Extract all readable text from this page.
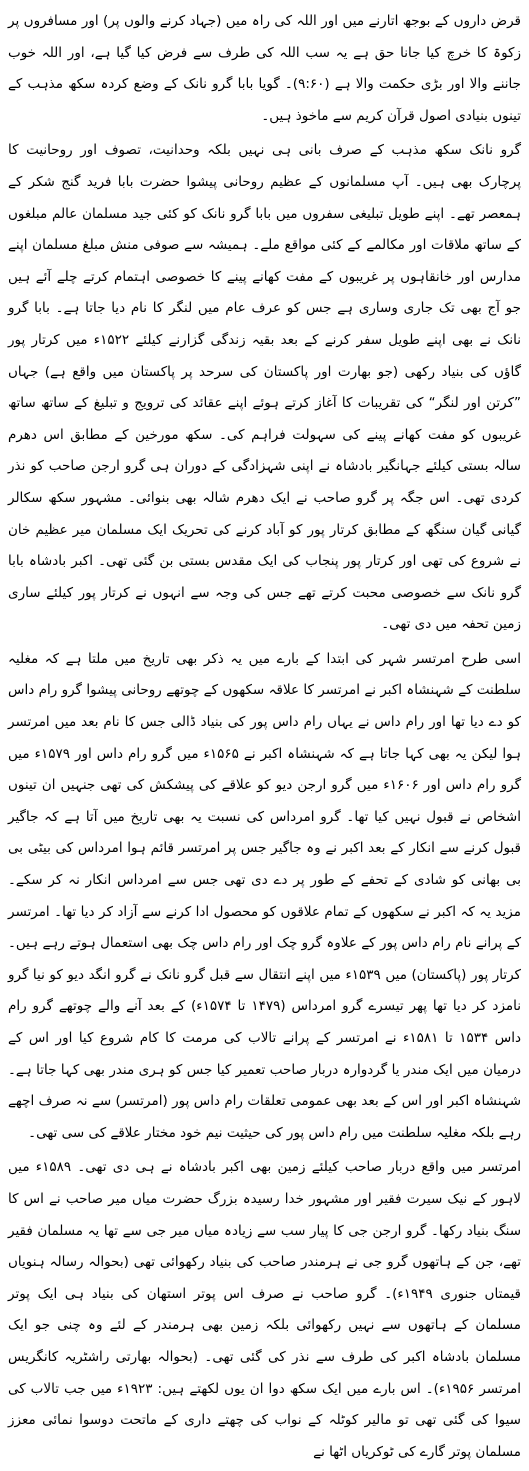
قرض داروں کے بوجھ اتارنے میں اور اللہ کی راہ میں (جہاد کرنے والوں پر) اور مسافروں پر زکوۃ کا خرچ کیا جانا حق ہے یہ سب اللہ کی طرف سے فرض کیا گیا ہے، اور اللہ خوب جاننے والا اور بڑی حکمت والا ہے (۹:۶۰)۔ گویا بابا گرو نانک کے وضع کردہ سکھ مذہب کے تینوں بنیادی اصول قرآن کریم سے ماخوذ ہیں۔

گرو نانک سکھ مذہب کے صرف بانی ہی نہیں بلکہ وحدانیت، تصوف اور روحانیت کا پرچارک بھی ہیں۔ آپ مسلمانوں کے عظیم روحانی پیشوا حضرت بابا فرید گنج شکر کے ہمعصر تھے۔ اپنے طویل تبلیغی سفروں میں بابا گرو نانک کو کئی جید مسلمان عالم مبلغوں کے ساتھ ملاقات اور مکالمے کے کئی مواقع ملے۔ ہمیشہ سے صوفی منش مبلغ مسلمان اپنے مدارس اور خانقاہوں پر غریبوں کے مفت کھانے پینے کا خصوصی اہتمام کرتے چلے آئے ہیں جو آج بھی تک جاری وساری ہے جس کو عرف عام میں لنگر کا نام دیا جاتا ہے۔ بابا گرو نانک نے بھی اپنے طویل سفر کرنے کے بعد بقیہ زندگی گزارنے کیلئے ۱۵۲۲ء میں کرتار پور گاؤں کی بنیاد رکھی (جو بھارت اور پاکستان کی سرحد پر پاکستان میں واقع ہے) جہاں ”کرتن اور لنگر“ کی تقریبات کا آغاز کرتے ہوئے اپنے عقائد کی ترویج و تبلیغ کے ساتھ ساتھ غریبوں کو مفت کھانے پینے کی سہولت فراہم کی۔ سکھ مورخین کے مطابق اس دھرم سالہ بستی کیلئے جہانگیر بادشاہ نے اپنی شہزادگی کے دوران ہی گرو ارجن صاحب کو نذر کردی تھی۔ اس جگہ پر گرو صاحب نے ایک دھرم شالہ بھی بنوائی۔ مشہور سکھ سکالر گیانی گیان سنگھ کے مطابق کرتار پور کو آباد کرنے کی تحریک ایک مسلمان میر عظیم خان نے شروع کی تھی اور کرتار پور پنجاب کی ایک مقدس بستی بن گئی تھی۔ اکبر بادشاہ بابا گرو نانک سے خصوصی محبت کرتے تھے جس کی وجہ سے انہوں نے کرتار پور کیلئے ساری زمین تحفہ میں دی تھی۔

اسی طرح امرتسر شہر کی ابتدا کے بارے میں یہ ذکر بھی تاریخ میں ملتا ہے کہ مغلیہ سلطنت کے شہنشاہ اکبر نے امرتسر کا علاقہ سکھوں کے چوتھے روحانی پیشوا گرو رام داس کو دے دیا تھا اور رام داس نے یہاں رام داس پور کی بنیاد ڈالی جس کا نام بعد میں امرتسر ہوا لیکن یہ بھی کہا جاتا ہے کہ شہنشاہ اکبر نے ۱۵۶۵ء میں گرو رام داس اور ۱۵۷۹ء میں گرو رام داس اور ۱۶۰۶ء میں گرو ارجن دیو کو علاقے کی پیشکش کی تھی جنہیں ان تینوں اشخاص نے قبول نہیں کیا تھا۔ گرو امرداس کی نسبت یہ بھی تاریخ میں آتا ہے کہ جاگیر قبول کرنے سے انکار کے بعد اکبر نے وہ جاگیر جس پر امرتسر قائم ہوا امرداس کی بیٹی بی بی بھانی کو شادی کے تحفے کے طور پر دے دی تھی جس سے امرداس انکار نہ کر سکے۔ مزید یہ کہ اکبر نے سکھوں کے تمام علاقوں کو محصول ادا کرنے سے آزاد کر دیا تھا۔ امرتسر کے پرانے نام رام داس پور کے علاوہ گرو چک اور رام داس چک بھی استعمال ہوتے رہے ہیں۔ کرتار پور (پاکستان) میں ۱۵۳۹ء میں اپنے انتقال سے قبل گرو نانک نے گرو انگد دیو کو نیا گرو نامزد کر دیا تھا پھر تیسرے گرو امرداس (۱۴۷۹ تا ۱۵۷۴ء) کے بعد آنے والے چوتھے گرو رام داس ۱۵۳۴ تا ۱۵۸۱ء نے امرتسر کے پرانے تالاب کی مرمت کا کام شروع کیا اور اس کے درمیان میں ایک مندر یا گردوارہ دربار صاحب تعمیر کیا جس کو ہری مندر بھی کہا جاتا ہے۔ شہنشاہ اکبر اور اس کے بعد بھی عمومی تعلقات رام داس پور (امرتسر) سے نہ صرف اچھے رہے بلکہ مغلیہ سلطنت میں رام داس پور کی حیثیت نیم خود مختار علاقے کی سی تھی۔

امرتسر میں واقع دربار صاحب کیلئے زمین بھی اکبر بادشاہ نے ہی دی تھی۔ ۱۵۸۹ء میں لاہور کے نیک سیرت فقیر اور مشہور خدا رسیدہ بزرگ حضرت میاں میر صاحب نے اس کا سنگ بنیاد رکھا۔ گرو ارجن جی کا پیار سب سے زیادہ میاں میر جی سے تھا یہ مسلمان فقیر تھے، جن کے ہاتھوں گرو جی نے ہرمندر صاحب کی بنیاد رکھوائی تھی (بحوالہ رسالہ ہنویاں قیمتاں جنوری ۱۹۴۹ء)۔ گرو صاحب نے صرف اس پوتر استھان کی بنیاد ہی ایک پوتر مسلمان کے ہاتھوں سے نہیں رکھوائی بلکہ زمین بھی ہرمندر کے لئے وہ چنی جو ایک مسلمان بادشاہ اکبر کی طرف سے نذر کی گئی تھی۔ (بحوالہ بھارتی راشٹریہ کانگریس امرتسر ۱۹۵۶ء)۔ اس بارے میں ایک سکھ دوا ان یوں لکھتے ہیں: ۱۹۲۳ء میں جب تالاب کی سیوا کی گئی تھی تو مالیر کوٹلہ کے نواب کی چھتے داری کے ماتحت دوسوا نمائی معزز مسلمان پوتر گارے کی ٹوکریاں اٹھا نے
